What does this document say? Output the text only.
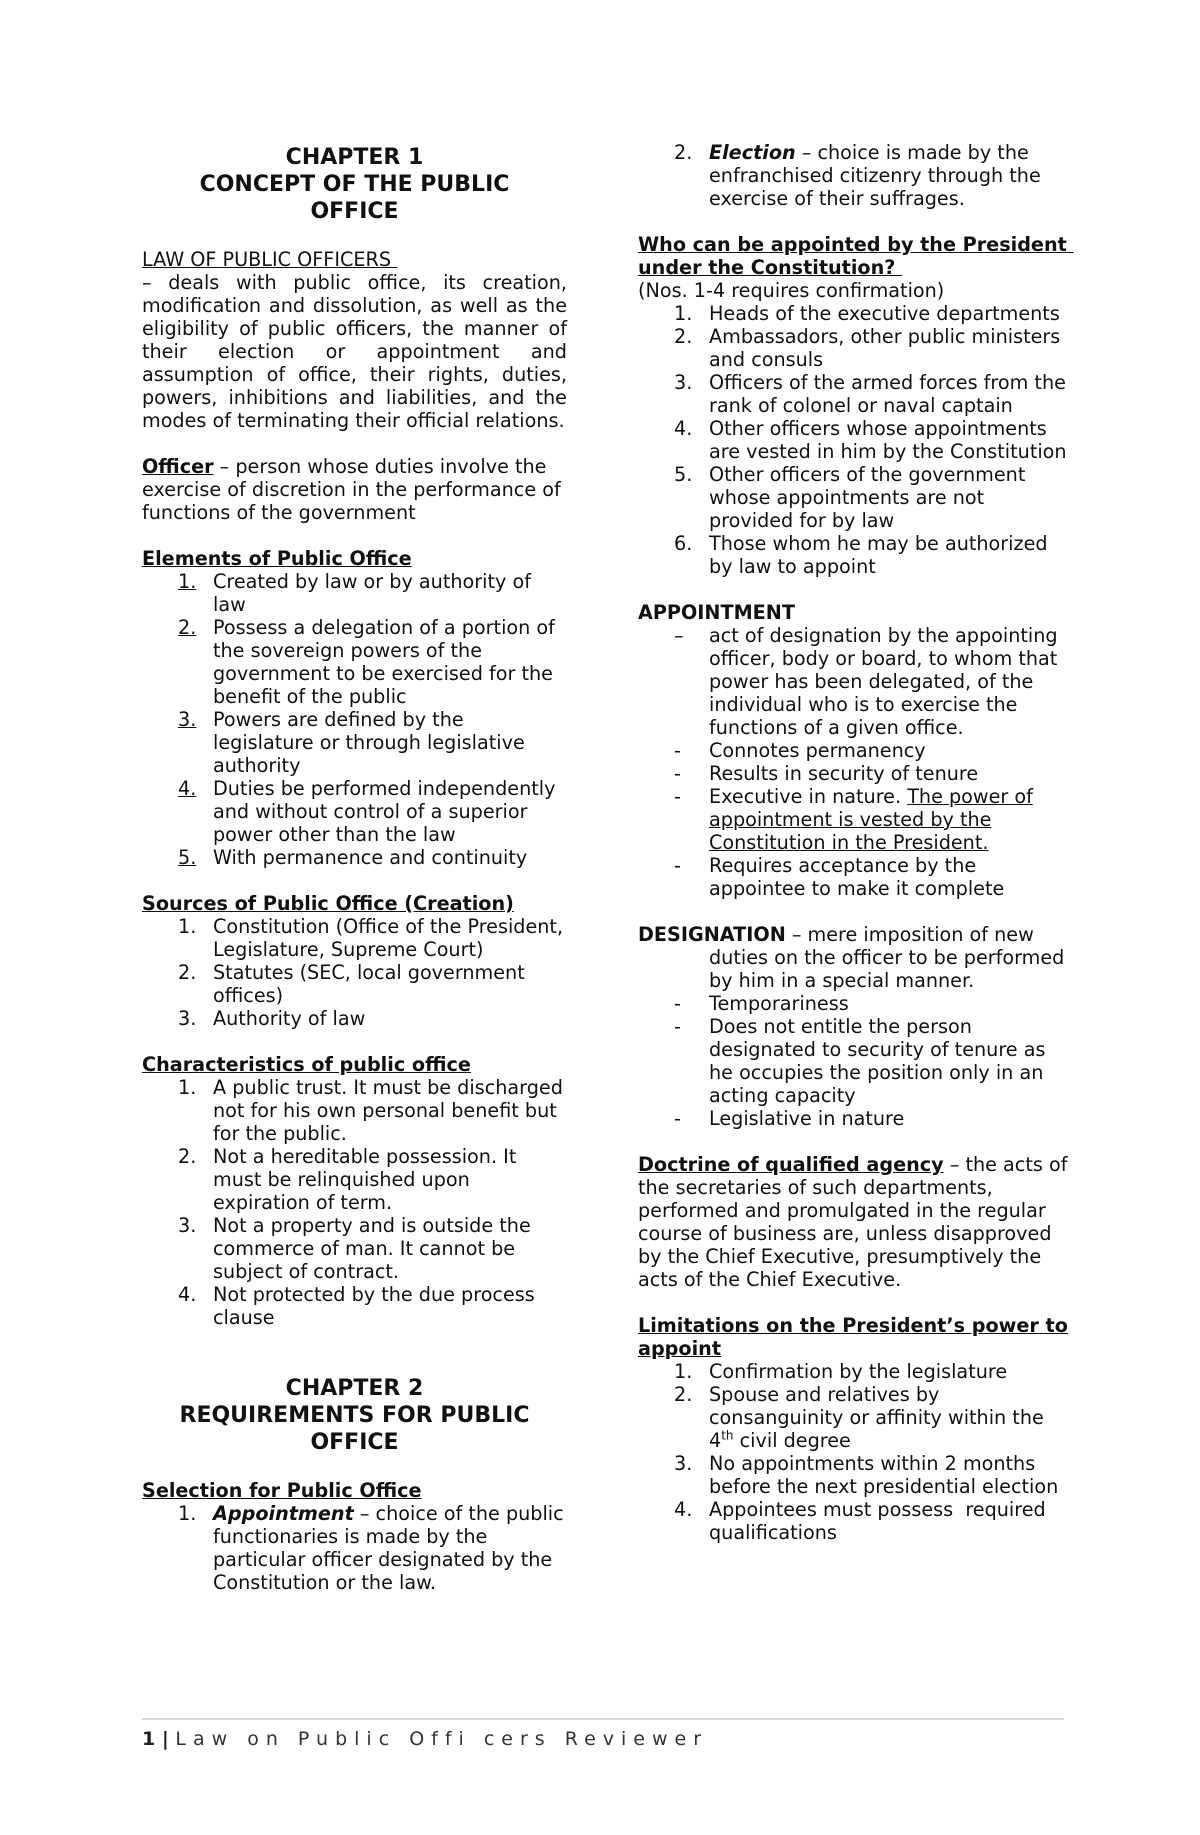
CHAPTER 1

CONCEPT OF THE PUBLIC OFFICE

LAW OF PUBLIC OFFICERS

– deals with public office, its creation, modification and dissolution, as well as the eligibility of public officers, the manner of their election or appointment and assumption of office, their rights, duties, powers, inhibitions and liabilities, and the modes of terminating their official relations.

Officer – person whose duties involve the exercise of discretion in the performance of functions of the government

Elements of Public Office

1. Created by law or by authority of law
2. Possess a delegation of a portion of the sovereign powers of the government to be exercised for the benefit of the public
3. Powers are defined by the legislature or through legislative authority
4. Duties be performed independently and without control of a superior power other than the law
5. With permanence and continuity

Sources of Public Office (Creation)

1. Constitution (Office of the President, Legislature, Supreme Court)
2. Statutes (SEC, local government offices)
3. Authority of law

Characteristics of public office

1. A public trust. It must be discharged not for his own personal benefit but for the public.
2. Not a hereditable possession. It must be relinquished upon expiration of term.
3. Not a property and is outside the commerce of man. It cannot be subject of contract.
4. Not protected by the due process clause

CHAPTER 2

REQUIREMENTS FOR PUBLIC OFFICE

Selection for Public Office

1. Appointment – choice of the public functionaries is made by the particular officer designated by the Constitution or the law.
2. Election – choice is made by the enfranchised citizenry through the exercise of their suffrages.

Who can be appointed by the President under the Constitution?

(Nos. 1-4 requires confirmation)

1. Heads of the executive departments
2. Ambassadors, other public ministers and consuls
3. Officers of the armed forces from the rank of colonel or naval captain
4. Other officers whose appointments are vested in him by the Constitution
5. Other officers of the government whose appointments are not provided for by law
6. Those whom he may be authorized by law to appoint

APPOINTMENT

– act of designation by the appointing officer, body or board, to whom that power has been delegated, of the individual who is to exercise the functions of a given office.
- Connotes permanency
- Results in security of tenure
- Executive in nature. The power of appointment is vested by the Constitution in the President.
- Requires acceptance by the appointee to make it complete

DESIGNATION – mere imposition of new duties on the officer to be performed by him in a special manner.

- Temporariness
- Does not entitle the person designated to security of tenure as he occupies the position only in an acting capacity
- Legislative in nature

Doctrine of qualified agency – the acts of the secretaries of such departments, performed and promulgated in the regular course of business are, unless disapproved by the Chief Executive, presumptively the acts of the Chief Executive.

Limitations on the President’s power to appoint

1. Confirmation by the legislature
2. Spouse and relatives by consanguinity or affinity within the 4th civil degree
3. No appointments within 2 months before the next presidential election
4. Appointees must possess  required qualifications
1 | Law on Public Offi cers Reviewer
